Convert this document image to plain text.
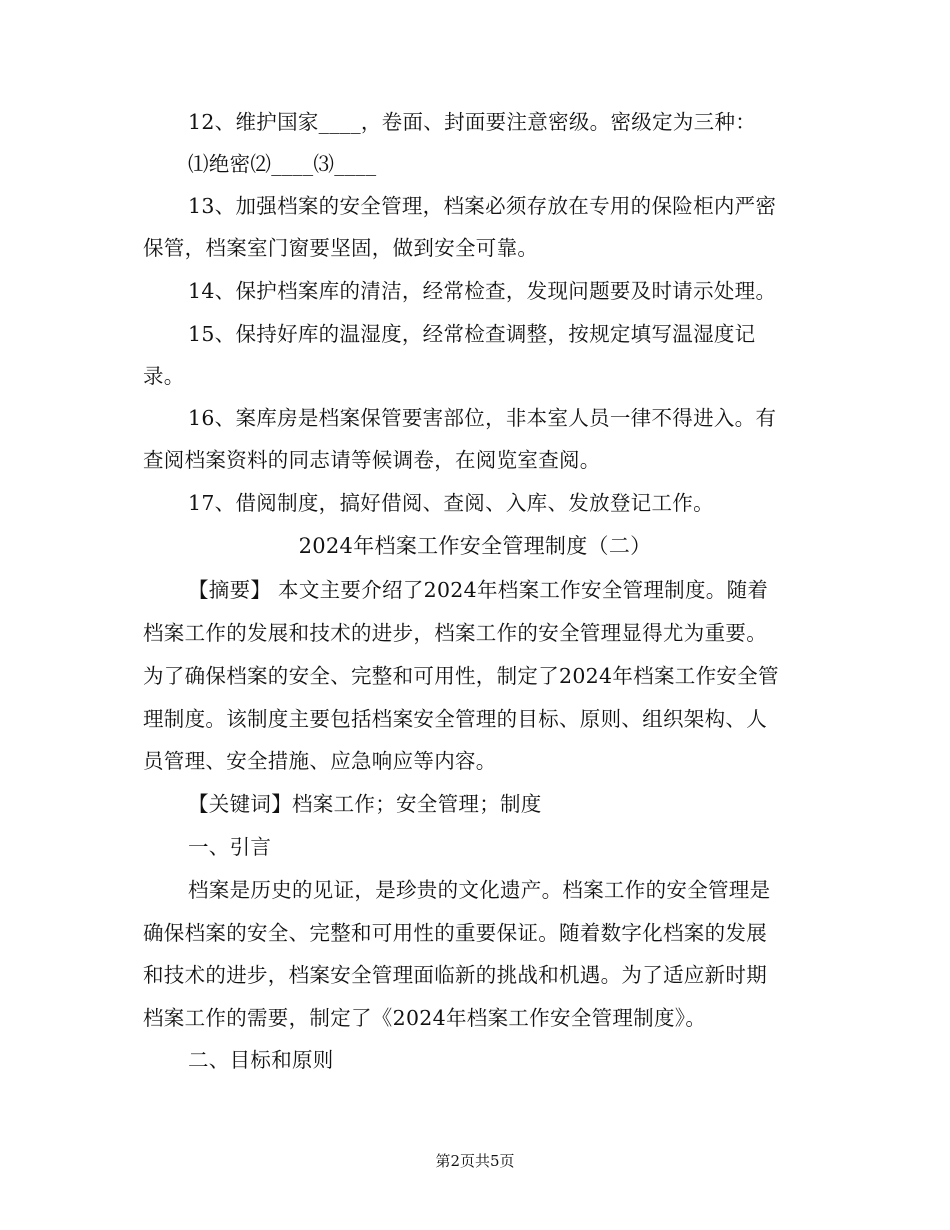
12、维护国家____，卷面、封面要注意密级。密级定为三种：
⑴绝密⑵____⑶____
13、加强档案的安全管理，档案必须存放在专用的保险柜内严密
保管，档案室门窗要坚固，做到安全可靠。
14、保护档案库的清洁，经常检查，发现问题要及时请示处理。
15、保持好库的温湿度，经常检查调整，按规定填写温湿度记
录。
16、案库房是档案保管要害部位，非本室人员一律不得进入。有
查阅档案资料的同志请等候调卷，在阅览室查阅。
17、借阅制度，搞好借阅、查阅、入库、发放登记工作。
2024年档案工作安全管理制度（二）
【摘要】 本文主要介绍了2024年档案工作安全管理制度。随着
档案工作的发展和技术的进步，档案工作的安全管理显得尤为重要。
为了确保档案的安全、完整和可用性，制定了2024年档案工作安全管
理制度。该制度主要包括档案安全管理的目标、原则、组织架构、人
员管理、安全措施、应急响应等内容。
【关键词】档案工作；安全管理；制度
一、引言
档案是历史的见证，是珍贵的文化遗产。档案工作的安全管理是
确保档案的安全、完整和可用性的重要保证。随着数字化档案的发展
和技术的进步，档案安全管理面临新的挑战和机遇。为了适应新时期
档案工作的需要，制定了《2024年档案工作安全管理制度》。
二、目标和原则
第2页共5页
